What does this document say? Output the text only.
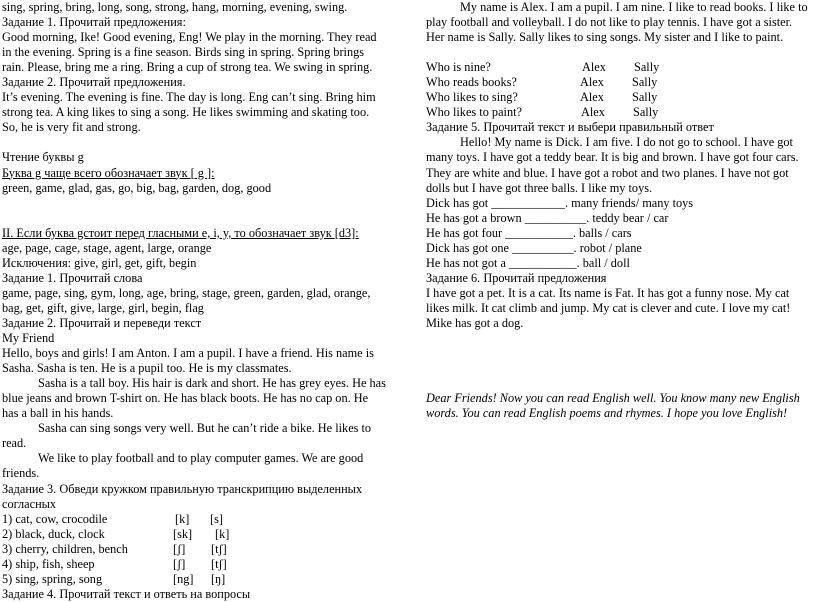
sing, spring, bring, long, song, strong, hang, morning, evening, swing.
Задание 1. Прочитай предложения:
Good morning, Ike! Good evening, Eng! We play in the morning. They read
in the evening. Spring is a fine season. Birds sing in spring. Spring brings
rain. Please, bring me a ring. Bring a cup of strong tea. We swing in spring.
Задание 2. Прочитай предложения.
It’s evening. The evening is fine. The day is long. Eng can’t sing. Bring him
strong tea. A king likes to sing a song. He likes swimming and skating too.
So, he is very fit and strong.
Чтение буквы g
Буква g чаще всего обозначает звук [ g ]:
green, game, glad, gas, go, big, bag, garden, dog, good
II. Если буква gстоит перед гласными e, i, y, то обозначает звук [d3]:
age, page, cage, stage, agent, large, orange
Исключения: give, girl, get, gift, begin
Задание 1. Прочитай слова
game, page, sing, gym, long, age, bring, stage, green, garden, glad, orange,
bag, get, gift, give, large, girl, begin, flag
Задание 2. Прочитай и переведи текст
My Friend
Hello, boys and girls! I am Anton. I am a pupil. I have a friend. His name is
Sasha. Sasha is ten. He is a pupil too. He is my classmates.
Sasha is a tall boy. His hair is dark and short. He has grey eyes. He has
blue jeans and brown T-shirt on. He has black boots. He has no cap on. He
has a ball in his hands.
Sasha can sing songs very well. But he can’t ride a bike. He likes to
read.
We like to play football and to play computer games. We are good
friends.
Задание 3. Обведи кружком правильную транскрипцию выделенных
согласных
1) cat, cow, crocodile	[k] [s]
2) black, duck, clock	[sk] [k]
3) cherry, children, bench	[ʃ] [tʃ]
4) ship, fish, sheep	[ʃ] [tʃ]
5) sing, spring, song	[ng] [ŋ]
Задание 4. Прочитай текст и ответь на вопросы
My name is Alex. I am a pupil. I am nine. I like to read books. I like to
play football and volleyball. I do not like to play tennis. I have got a sister.
Her name is Sally. Sally likes to sing songs. My sister and I like to paint.
Who is nine?	Alex Sally
Who reads books?	Alex Sally
Who likes to sing?	Alex Sally
Who likes to paint?	Alex Sally
Задание 5. Прочитай текст и выбери правильный ответ
Hello! My name is Dick. I am five. I do not go to school. I have got
many toys. I have got a teddy bear. It is big and brown. I have got four cars.
They are white and blue. I have got a robot and two planes. I have not got
dolls but I have got three balls. I like my toys.
Dick has got ____________. many friends/ many toys
He has got a brown __________. teddy bear / car
He has got four ___________. balls / cars
Dick has got one __________. robot / plane
He has not got a ___________. ball / doll
Задание 6. Прочитай предложения
I have got a pet. It is a cat. Its name is Fat. It has got a funny nose. My cat
likes milk. It cat climb and jump. My cat is clever and cute. I love my cat!
Mike has got a dog.
Dear Friends! Now you can read English well. You know many new English
words. You can read English poems and rhymes. I hope you love English!
